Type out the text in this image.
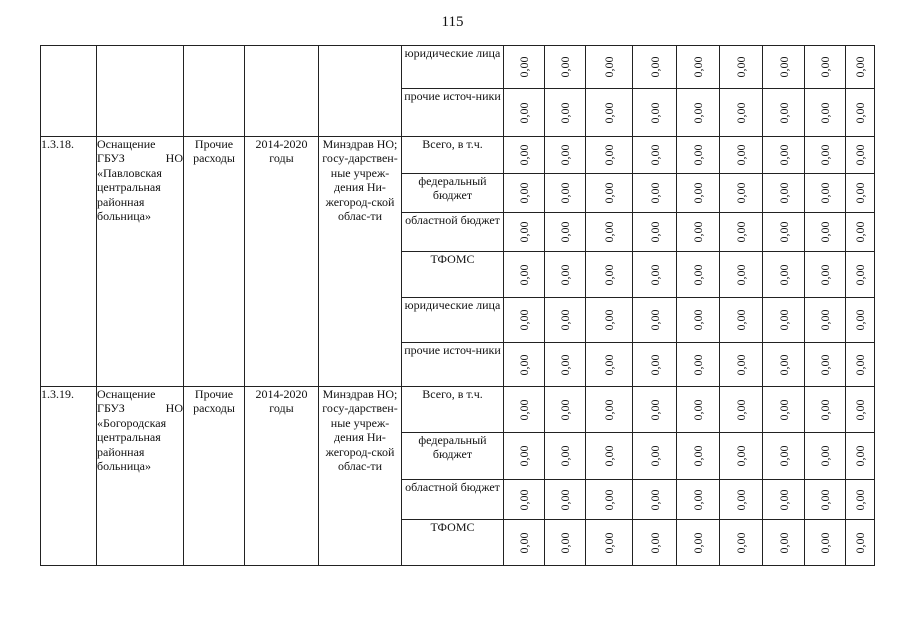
115
					юридические лица	0,00	0,00	0,00	0,00	0,00	0,00	0,00	0,00	0,00

					прочие источ-ники	0,00	0,00	0,00	0,00	0,00	0,00	0,00	0,00	0,00

1.3.18.	Оснащение ГБУЗ НО «Павловская центральная районная больница»	Прочие расходы	2014-2020 годы	Минздрав НО; госу-дарствен-ные учреж-дения Ни-жегород-ской облас-ти	Всего, в т.ч.	0,00	0,00	0,00	0,00	0,00	0,00	0,00	0,00	0,00

					федеральный бюджет	0,00	0,00	0,00	0,00	0,00	0,00	0,00	0,00	0,00

					областной бюджет	0,00	0,00	0,00	0,00	0,00	0,00	0,00	0,00	0,00

					ТФОМС	0,00	0,00	0,00	0,00	0,00	0,00	0,00	0,00	0,00

					юридические лица	0,00	0,00	0,00	0,00	0,00	0,00	0,00	0,00	0,00

					прочие источ-ники	0,00	0,00	0,00	0,00	0,00	0,00	0,00	0,00	0,00

1.3.19.	Оснащение ГБУЗ НО «Богородская центральная районная больница»	Прочие расходы	2014-2020 годы	Минздрав НО; госу-дарствен-ные учреж-дения Ни-жегород-ской облас-ти	Всего, в т.ч.	0,00	0,00	0,00	0,00	0,00	0,00	0,00	0,00	0,00

					федеральный бюджет	0,00	0,00	0,00	0,00	0,00	0,00	0,00	0,00	0,00

					областной бюджет	0,00	0,00	0,00	0,00	0,00	0,00	0,00	0,00	0,00

					ТФОМС	0,00	0,00	0,00	0,00	0,00	0,00	0,00	0,00	0,00
